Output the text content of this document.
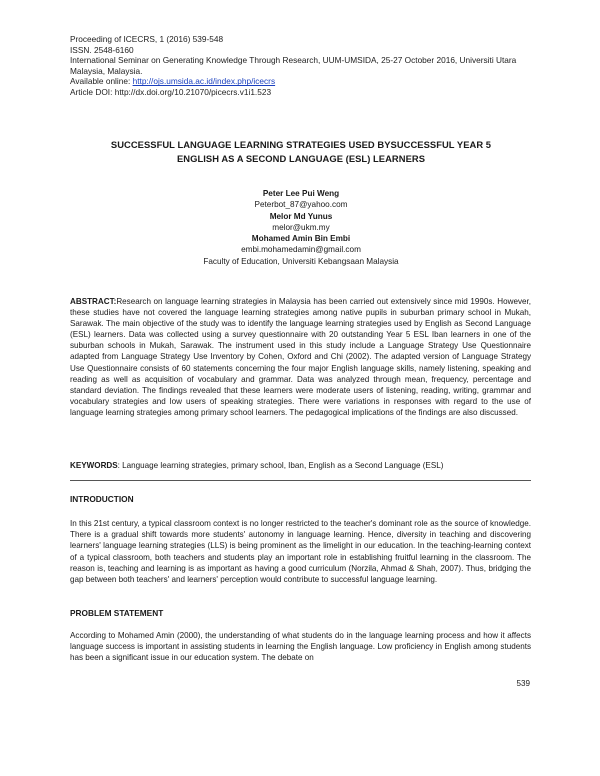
Proceeding of ICECRS, 1 (2016) 539-548
ISSN. 2548-6160
International Seminar on Generating Knowledge Through Research, UUM-UMSIDA, 25-27 October 2016, Universiti Utara Malaysia, Malaysia.
Available online: http://ojs.umsida.ac.id/index.php/icecrs
Article DOI: http://dx.doi.org/10.21070/picecrs.v1i1.523
SUCCESSFUL LANGUAGE LEARNING STRATEGIES USED BYSUCCESSFUL YEAR 5
ENGLISH AS A SECOND LANGUAGE (ESL) LEARNERS
Peter Lee Pui Weng
Peterbot_87@yahoo.com
Melor Md Yunus
melor@ukm.my
Mohamed Amin Bin Embi
embi.mohamedamin@gmail.com
Faculty of Education, Universiti Kebangsaan Malaysia
ABSTRACT:Research on language learning strategies in Malaysia has been carried out extensively since mid 1990s. However, these studies have not covered the language learning strategies among native pupils in suburban primary school in Mukah, Sarawak. The main objective of the study was to identify the language learning strategies used by English as Second Language (ESL) learners. Data was collected using a survey questionnaire with 20 outstanding Year 5 ESL Iban learners in one of the suburban schools in Mukah, Sarawak. The instrument used in this study include a Language Strategy Use Questionnaire adapted from Language Strategy Use Inventory by Cohen, Oxford and Chi (2002). The adapted version of Language Strategy Use Questionnaire consists of 60 statements concerning the four major English language skills, namely listening, speaking and reading as well as acquisition of vocabulary and grammar. Data was analyzed through mean, frequency, percentage and standard deviation. The findings revealed that these learners were moderate users of listening, reading, writing, grammar and vocabulary strategies and low users of speaking strategies. There were variations in responses with regard to the use of language learning strategies among primary school learners. The pedagogical implications of the findings are also discussed.
KEYWORDS: Language learning strategies, primary school, Iban, English as a Second Language (ESL)
INTRODUCTION
In this 21st century, a typical classroom context is no longer restricted to the teacher's dominant role as the source of knowledge. There is a gradual shift towards more students' autonomy in language learning. Hence, diversity in teaching and discovering learners' language learning strategies (LLS) is being prominent as the limelight in our education. In the teaching-learning context of a typical classroom, both teachers and students play an important role in establishing fruitful learning in the classroom. The reason is, teaching and learning is as important as having a good curriculum (Norzila, Ahmad & Shah, 2007). Thus, bridging the gap between both teachers' and learners' perception would contribute to successful language learning.
PROBLEM STATEMENT
According to Mohamed Amin (2000), the understanding of what students do in the language learning process and how it affects language success is important in assisting students in learning the English language. Low proficiency in English among students has been a significant issue in our education system. The debate on
539
